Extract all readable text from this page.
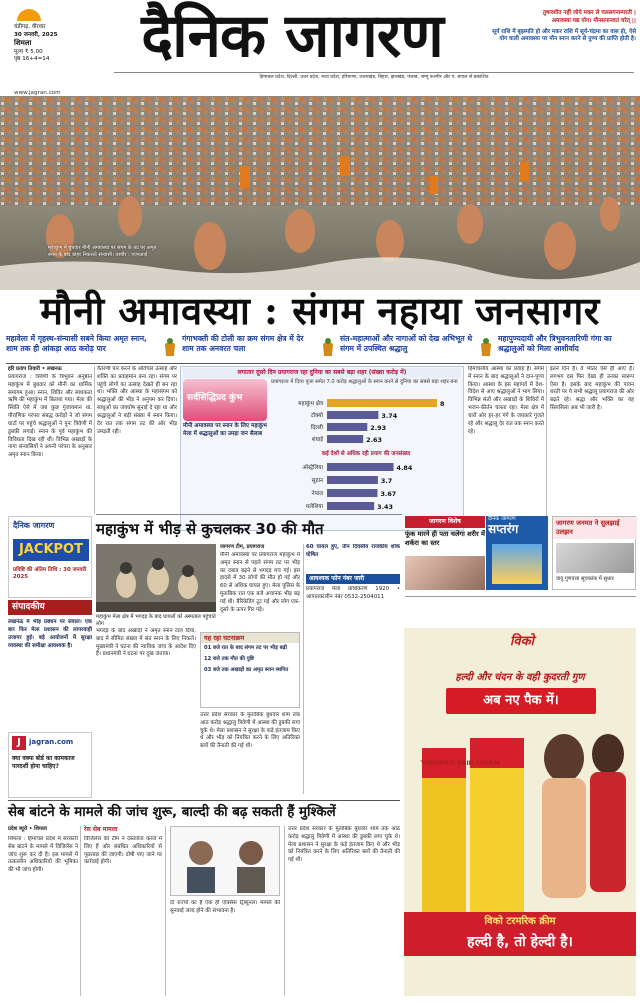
चंडीगढ़, वीरवार
30 जनवरी, 2025
शिमला
मूल्य ₹ 5.00
पृष्ठ 16+4=14	दैनिक जागरण	तुषारशीत नहीं जोये मकर ले चलसगनाम्परती |
अमावस्या यद्य योग। मौनसनानवतं चरेत् ||
सूर्य राशि में बृहस्पति हो और मकर राशि में सूर्य-चंद्रमा का वास हो, ऐसे योग वाली अमावस्या पर मौन स्नान करने से पुण्य की प्राप्ति होती है।
हिमाचल प्रदेश, दिल्ली, उत्तर प्रदेश, मध्य प्रदेश, हरियाणा, उत्तराखंड, बिहार, झारखंड, पंजाब, जम्मू कश्मीर और प. बंगाल से प्रकाशित
www.jagran.com
महाकुंभ में बुधवार मौनी अमावस्या पर संगम के तट पर अमृत स्नान के बाद बाहर निकलते संन्यासी। तस्वीर : एएनआई
मौनी अमावस्या : संगम नहाया जनसागर
महावेला में गृहस्थ-संन्यासी सबने किया अमृत स्नान, शाम तक ही आंकड़ा आठ करोड़ पार
गंगाभक्ती की टोली का क्रम संगम क्षेत्र में देर शाम तक अनवरत चला
संत-महात्माओं और नागाओं को देख अभिभूत थे संगम में उपस्थित श्रद्धालु
महापुण्यदायी और त्रिभुवनतारिणी गंगा का श्रद्धालुओं को मिला आशीर्वाद
हरि प्रताप तिवारी • लखनऊ
प्रयागराज : त्रिवेणी के त्रिभुवन अनुष्ठान महाकुंभ में बुधवार को मौनी का धार्मिक समागम हुआ। स्नान, शिविर और साधकता ऋषि की महाकुंभ में बिताया गया। मेला की स्थिति ऐसे में जब कुछ गुंजायमान था, पौराणिक परंपरा संबद्ध करोड़ों ने जो संगम घाटों पर पहुंचे श्रद्धालुओं ने पुनः त्रिवेणी में डुबकी लगाई। स्नान के पूर्व महाकुंभ की विविधता दिख रही थी। विभिन्न अखाड़ों के नागा संन्यासियों ने अपनी परंपरा के अनुसार अमृत स्नान किया।
वैतरणी पार करने के अविचल उत्साह और शक्ति का प्रवाहमान बना रहा। संगम पर पहुंचे लोगों का उत्साह देखते ही बन रहा था। भक्ति और आस्था के महासंगम को श्रद्धालुओं की भीड़ ने अनुपम कर दिया। साधुओं का जयघोष सुनाई दे रहा था और श्रद्धालुओं ने बड़ी संख्या में स्नान किया। देर रात तक संगम तट की ओर भीड़ उमड़ती रही।
लगातार दूसरे दिन प्रयागराज रहा दुनिया का सबसे बड़ा शहर (संख्या करोड़ में)
सर्वसिद्धिप्रद कुंभ
मौनी अमावस्या पर स्नान के लिए महाकुंभ मेला में श्रद्धालुओं का उमड़ा जन सैलाब
प्रयागराज में दिव्य पूजा समेत 7.0 करोड़ श्रद्धालुओं के स्नान करने से दुनिया का सबसे बड़ा शहर बना
महाकुंभ क्षेत्र	8
टोक्यो	3.74
दिल्ली	2.93
शंघाई	2.63
ऑस्ट्रेलिया	4.84
सूडान	3.7
नेपाल	3.67
मलेशिया	3.43
कई देशों से अधिक रही प्रयाग की जनसंख्या
हिमाचलीय आस्था का प्रवाह है। संगम में स्नान के बाद श्रद्धालुओं ने दान-पुण्य किया। आस्था के इस महापर्व में देश-विदेश से आए श्रद्धालुओं ने भाग लिया। विभिन्न संतों और अखाड़ों के शिविरों में भजन-कीर्तन चलता रहा। मेला क्षेत्र में चारों ओर हर-हर गंगे के जयकारे गूंजते रहे और श्रद्धालु देर रात तक स्नान करते रहे।
इतने दिन हैं। वे भीतर ऐसे ही आए हैं। लगभग दस फिर देखा ही उनका स्वरूप ऐसा है। इसके बाद महाकुंभ की पावन धरती पर ये सभी श्रद्धालु प्रयागराज की ओर बढ़ते रहे। श्रद्धा और भक्ति का यह सिलसिला अब भी जारी है।
दैनिक जागरण
JACKPOT
प्रविष्टि की अंतिम तिथि : 30 जनवरी 2025
संपादकीय
लखनऊ में भीड़ प्रबंधन पर सवाल। एक बार फिर मेला प्रशासन की लापरवाही उजागर हुई। बड़े आयोजनों में सुरक्षा व्यवस्था की समीक्षा आवश्यक है।
J	jagran.com
क्या वक्फ बोर्ड का कामकाज पारदर्शी होना चाहिए?
महाकुंभ में भीड़ से कुचलकर 30 की मौत
महाकुंभ मेला क्षेत्र में भगदड़ के बाद घायलों को अस्पताल पहुंचाते लोग
जागरण टीम, प्रयागराज
मौनी अमावस्या पर प्रयागराज महाकुंभ में अमृत स्नान से पहले संगम तट पर भीड़ का दबाव बढ़ने से भगदड़ मच गई। इस हादसे में 30 लोगों की मौत हो गई और 60 से अधिक घायल हुए। मेला पुलिस के मुताबिक रात एक बजे अचानक भीड़ बढ़ गई थी। बैरिकेडिंग टूट गई और लोग एक-दूसरे के ऊपर गिर पड़े।
60 घायल हुए, तीन दिवसीय राजकीय शोक घोषित
आवश्यक फोन नंबर जारी
प्रयागराज मेला प्राधिकरण 1920 • आपातकालीन नंबर 0532-2504011
भगदड़ के बाद अखाड़ों ने अमृत स्नान टाल दिया, बाद में सीमित संख्या में संत स्नान के लिए निकले। मुख्यमंत्री ने घटना की न्यायिक जांच के आदेश दिए हैं। प्रधानमंत्री ने घटना पर दुख जताया।
यह रहा घटनाक्रम
01 बजे रात के बाद संगम तट पर भीड़ बढ़ी
12 बजे तक मौत की पुष्टि
03 बजे तक अखाड़ों का अमृत स्नान स्थगित
उत्तर प्रदेश सरकार के मुताबिक बुधवार शाम तक आठ करोड़ श्रद्धालु त्रिवेणी में आस्था की डुबकी लगा चुके थे। मेला प्रशासन ने सुरक्षा के कड़े इंतजाम किए थे और भीड़ को नियंत्रित करने के लिए अतिरिक्त बलों की तैनाती की गई थी।
जागरण विशेष
फूंक मारने ही पता चलेगा शरीर में शर्करा का स्तर
दैनिक जागरण
सप्तरंग	जागरण जनमत ने सुलझाई उलझन
वायु गुणवत्ता सूचकांक में सुधार
विको
हल्दी और चंदन के वही कुदरती गुण
अब नए पैक में।
TURMERIC SKIN CREAM
विको टरमरिक क्रीम
हल्दी है, तो हेल्दी है।
सेब बांटने के मामले की जांच शुरू, बाल्दी की बढ़ सकती हैं मुश्किलें
प्रदेश ब्यूरो • शिमला
शिमला : हिमाचल प्रदेश में सरकारी सेब बांटने के मामले में विजिलेंस ने जांच शुरू कर दी है। इस मामले में तत्कालीन अधिकारियों की भूमिका की भी जांच होगी।
रेस सेब मामला
विजिलेंस की टीम ने दस्तावेज कब्जे में लिए हैं और संबंधित अधिकारियों से पूछताछ की जाएगी। दोषी पाए जाने पर कार्रवाई होगी।
दो राज्यों का है एक ही एक्सिस ट्रिब्यूनल। मामले की सुनवाई जल्द होने की संभावना है।
उत्तर प्रदेश सरकार के मुताबिक बुधवार शाम तक आठ करोड़ श्रद्धालु त्रिवेणी में आस्था की डुबकी लगा चुके थे। मेला प्रशासन ने सुरक्षा के कड़े इंतजाम किए थे और भीड़ को नियंत्रित करने के लिए अतिरिक्त बलों की तैनाती की गई थी।
